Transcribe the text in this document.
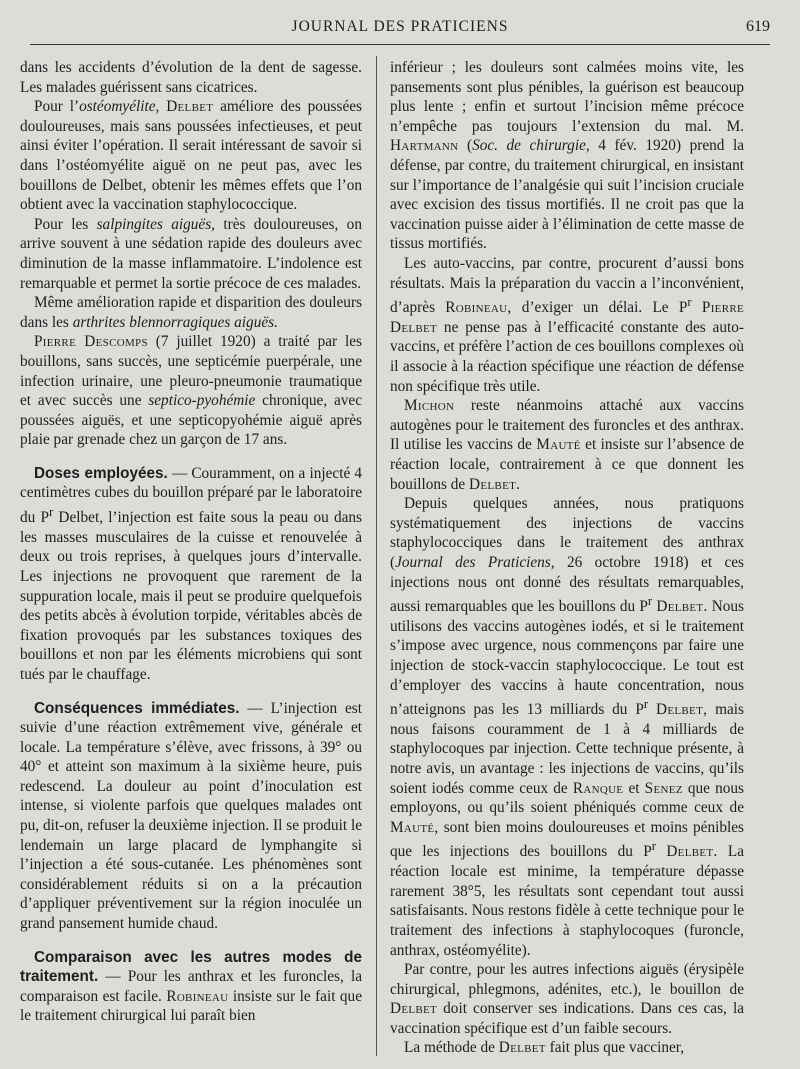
JOURNAL DES PRATICIENS	619

dans les accidents d’évolution de la dent de sagesse. Les malades guérissent sans cicatrices.

Pour l’ostéomyélite, Delbet améliore des poussées douloureuses, mais sans poussées infectieuses, et peut ainsi éviter l’opération. Il serait intéressant de savoir si dans l’ostéomyélite aiguë on ne peut pas, avec les bouillons de Delbet, obtenir les mêmes effets que l’on obtient avec la vaccination staphylococcique.

Pour les salpingites aiguës, très douloureuses, on arrive souvent à une sédation rapide des douleurs avec diminution de la masse inflammatoire. L’indolence est remarquable et permet la sortie précoce de ces malades.

Même amélioration rapide et disparition des douleurs dans les arthrites blennorragiques aiguës.

Pierre Descomps (7 juillet 1920) a traité par les bouillons, sans succès, une septicémie puerpérale, une infection urinaire, une pleuro-pneumonie traumatique et avec succès une septico-pyohémie chronique, avec poussées aiguës, et une septicopyohémie aiguë après plaie par grenade chez un garçon de 17 ans.

Doses employées. — Couramment, on a injecté 4 centimètres cubes du bouillon préparé par le laboratoire du $P^r$ Delbet, l’injection est faite sous la peau ou dans les masses musculaires de la cuisse et renouvelée à deux ou trois reprises, à quelques jours d’intervalle. Les injections ne provoquent que rarement de la suppuration locale, mais il peut se produire quelquefois des petits abcès à évolution torpide, véritables abcès de fixation provoqués par les substances toxiques des bouillons et non par les éléments microbiens qui sont tués par le chauffage.

Conséquences immédiates. — L’injection est suivie d’une réaction extrêmement vive, générale et locale. La température s’élève, avec frissons, à 39° ou 40° et atteint son maximum à la sixième heure, puis redescend. La douleur au point d’inoculation est intense, si violente parfois que quelques malades ont pu, dit-on, refuser la deuxième injection. Il se produit le lendemain un large placard de lymphangite si l’injection a été sous-cutanée. Les phénomènes sont considérablement réduits si on a la précaution d’appliquer préventivement sur la région inoculée un grand pansement humide chaud.

Comparaison avec les autres modes de traitement. — Pour les anthrax et les furoncles, la comparaison est facile. Robineau insiste sur le fait que le traitement chirurgical lui paraît bien

inférieur ; les douleurs sont calmées moins vite, les pansements sont plus pénibles, la guérison est beaucoup plus lente ; enfin et surtout l’incision même précoce n’empêche pas toujours l’extension du mal. M. Hartmann (Soc. de chirurgie, 4 fév. 1920) prend la défense, par contre, du traitement chirurgical, en insistant sur l’importance de l’analgésie qui suit l’incision cruciale avec excision des tissus mortifiés. Il ne croit pas que la vaccination puisse aider à l’élimination de cette masse de tissus mortifiés.

Les auto-vaccins, par contre, procurent d’aussi bons résultats. Mais la préparation du vaccin a l’inconvénient, d’après Robineau, d’exiger un délai. Le $P^r$ Pierre Delbet ne pense pas à l’efficacité constante des auto-vaccins, et préfère l’action de ces bouillons complexes où il associe à la réaction spécifique une réaction de défense non spécifique très utile.

Michon reste néanmoins attaché aux vaccins autogènes pour le traitement des furoncles et des anthrax. Il utilise les vaccins de Mauté et insiste sur l’absence de réaction locale, contrairement à ce que donnent les bouillons de Delbet.

Depuis quelques années, nous pratiquons systématiquement des injections de vaccins staphylococciques dans le traitement des anthrax (Journal des Praticiens, 26 octobre 1918) et ces injections nous ont donné des résultats remarquables, aussi remarquables que les bouillons du $P^r$ Delbet. Nous utilisons des vaccins autogènes iodés, et si le traitement s’impose avec urgence, nous commençons par faire une injection de stock-vaccin staphylococcique. Le tout est d’employer des vaccins à haute concentration, nous n’atteignons pas les 13 milliards du $P^r$ Delbet, mais nous faisons couramment de 1 à 4 milliards de staphylocoques par injection. Cette technique présente, à notre avis, un avantage : les injections de vaccins, qu’ils soient iodés comme ceux de Ranque et Senez que nous employons, ou qu’ils soient phéniqués comme ceux de Mauté, sont bien moins douloureuses et moins pénibles que les injections des bouillons du $P^r$ Delbet. La réaction locale est minime, la température dépasse rarement 38°5, les résultats sont cependant tout aussi satisfaisants. Nous restons fidèle à cette technique pour le traitement des infections à staphylocoques (furoncle, anthrax, ostéomyélite).

Par contre, pour les autres infections aiguës (érysipèle chirurgical, phlegmons, adénites, etc.), le bouillon de Delbet doit conserver ses indications. Dans ces cas, la vaccination spécifique est d’un faible secours.

La méthode de Delbet fait plus que vacciner,
